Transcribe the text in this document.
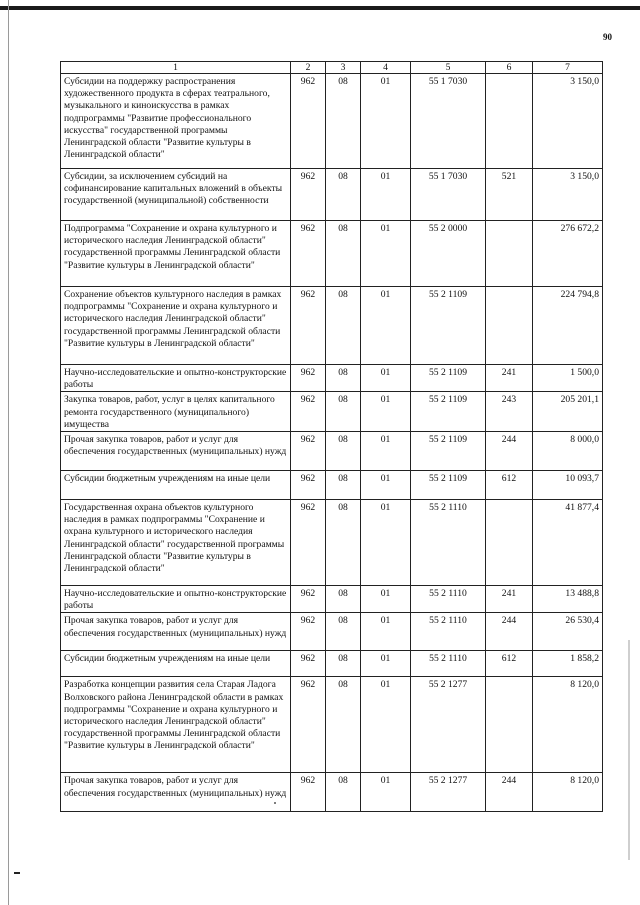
90
1	2	3	4	5	6	7
Субсидии на поддержку распространения художественного продукта в сферах театрального, музыкального и киноискусства в рамках подпрограммы "Развитие профессионального искусства" государственной программы Ленинградской области "Развитие культуры в Ленинградской области"	962	08	01	55 1 7030		3 150,0
Субсидии, за исключением субсидий на софинансирование капитальных вложений в объекты государственной (муниципальной) собственности	962	08	01	55 1 7030	521	3 150,0
Подпрограмма "Сохранение и охрана культурного и исторического наследия Ленинградской области" государственной программы Ленинградской области "Развитие культуры в Ленинградской области"	962	08	01	55 2 0000		276 672,2
Сохранение объектов культурного наследия в рамках подпрограммы "Сохранение и охрана культурного и исторического наследия Ленинградской области" государственной программы Ленинградской области "Развитие культуры в Ленинградской области"	962	08	01	55 2 1109		224 794,8
Научно-исследовательские и опытно-конструкторские работы	962	08	01	55 2 1109	241	1 500,0
Закупка товаров, работ, услуг в целях капитального ремонта государственного (муниципального) имущества	962	08	01	55 2 1109	243	205 201,1
Прочая закупка товаров, работ и услуг для обеспечения государственных (муниципальных) нужд	962	08	01	55 2 1109	244	8 000,0
Субсидии бюджетным учреждениям на иные цели	962	08	01	55 2 1109	612	10 093,7
Государственная охрана объектов культурного наследия в рамках подпрограммы "Сохранение и охрана культурного и исторического наследия Ленинградской области" государственной программы Ленинградской области "Развитие культуры в Ленинградской области"	962	08	01	55 2 1110		41 877,4
Научно-исследовательские и опытно-конструкторские работы	962	08	01	55 2 1110	241	13 488,8
Прочая закупка товаров, работ и услуг для обеспечения государственных (муниципальных) нужд	962	08	01	55 2 1110	244	26 530,4
Субсидии бюджетным учреждениям на иные цели	962	08	01	55 2 1110	612	1 858,2
Разработка концепции развития села Старая Ладога Волховского района Ленинградской области в рамках подпрограммы "Сохранение и охрана культурного и исторического наследия Ленинградской области" государственной программы Ленинградской области "Развитие культуры в Ленинградской области"	962	08	01	55 2 1277		8 120,0
Прочая закупка товаров, работ и услуг для обеспечения государственных (муниципальных) нужд	962	08	01	55 2 1277	244	8 120,0
